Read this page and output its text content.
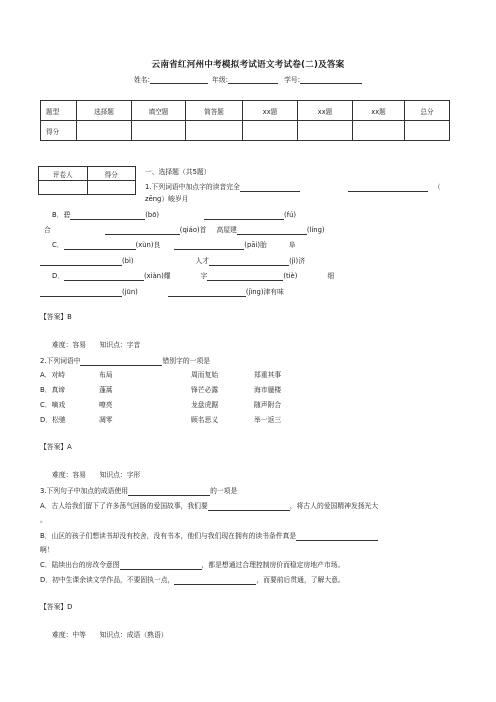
云南省红河州中考模拟考试语文考试卷(二)及答案
姓名:	年级:	学号:
题型	选择题	填空题	简答题	xx题	xx题	xx题	总分
得分							
评卷人	得分
		一、选择题（共5题）
1.下列词语中加点字的读音完全	（
zēng）峻岁月
B．碧	(bō)	(fú)
合	(qiáo)首 高屋建	(líng)
C．	(xùn)良	(pāi)胎	阜
(bì)	人才	(jì)济
D．	(xiàn)耀	字	(tiè)	细
(jūn)	(jìng)津有味
【答案】B
难度：容易　　知识点：字音
2.下列词语中	错别字的一项是
A．对峙	布局	周而复始	郑重其事
B．真谛	蓬蒿	锋芒必露	海市蜃楼
C．嘀戏	嘹亮	龙盘虎踞	随声附合
D．松驰	凋零	顾名思义	举一返三
【答案】A
难度：容易　　知识点：字形
3.下列句子中加点的成语使用	的一项是
A．古人给我们留下了许多荡气回肠的爱国故事，我们要	，将古人的爱国精神发扬光大
。
B．山区的孩子们想读书却没有校舍，没有书本，他们与我们现在拥有的读书条件真是
啊！
C．陆续出台的房改令意图	，都是想通过合理控制房价而稳定房地产市场。
D．初中生课余读文学作品，不要固执一点，	，而要前后贯通，了解大意。
【答案】D
难度：中等　　知识点：成语（熟语）
